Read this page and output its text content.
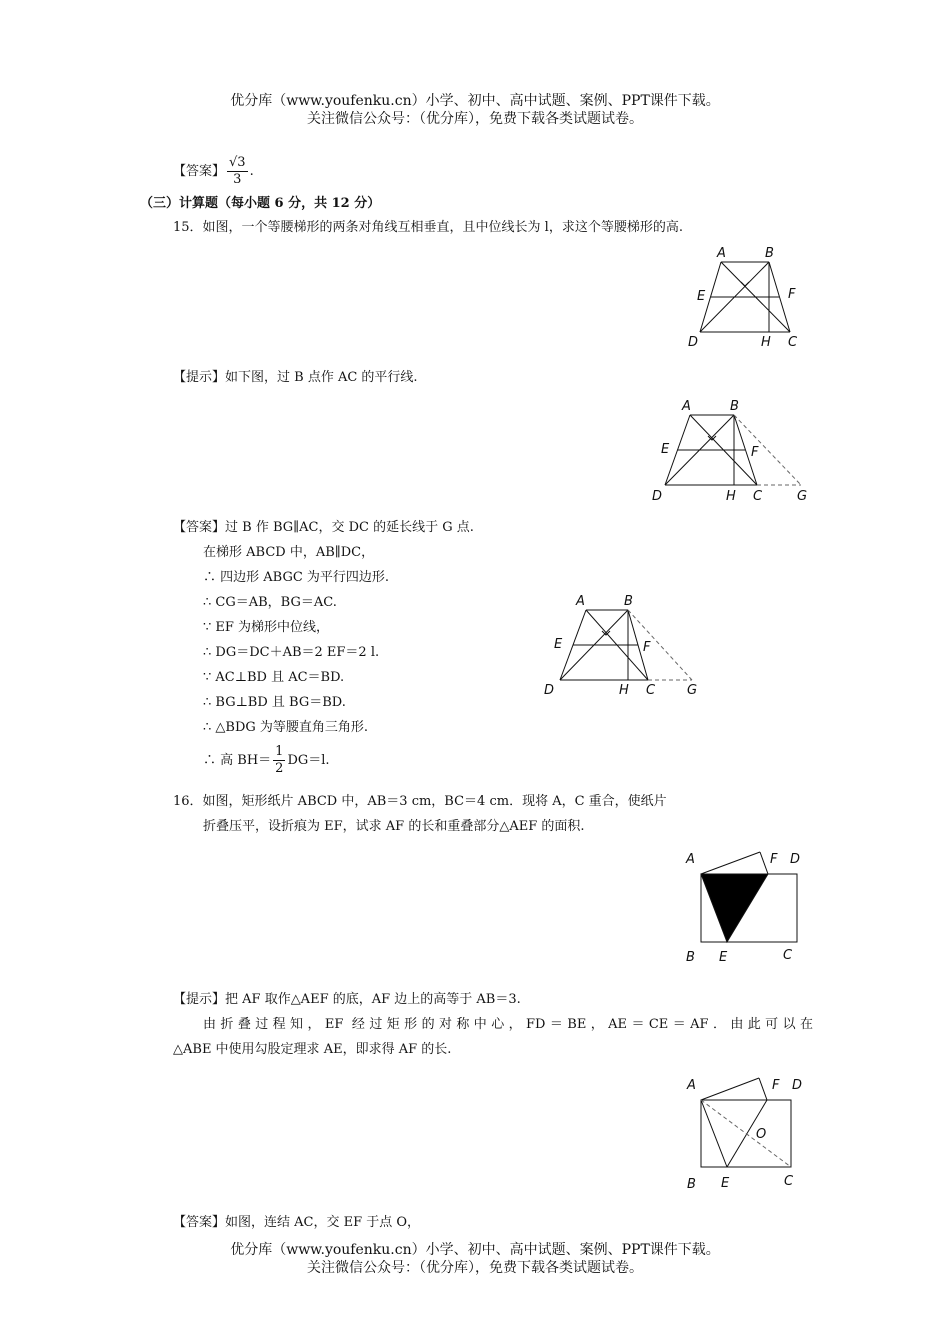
优分库（www.youfenku.cn）小学、初中、高中试题、案例、PPT课件下载。
关注微信公众号：（优分库），免费下载各类试题试卷。
【答案】 $\frac{√3}{3}$ .
（三）计算题（每小题 6 分，共 12 分）
15．如图，一个等腰梯形的两条对角线互相垂直，且中位线长为 l，求这个等腰梯形的高.
A	B
E	F
D	H C
【提示】如下图，过 B 点作 AC 的平行线.
A	B
E	F
D	H C	G
【答案】过 B 作 BG∥AC，交 DC 的延长线于 G 点.
在梯形 ABCD 中，AB∥DC，
∴ 四边形 ABGC 为平行四边形.
∴ CG＝AB，BG＝AC.
∵ EF 为梯形中位线，
∴ DG＝DC＋AB＝2 EF＝2 l.
∵ AC⊥BD 且 AC＝BD.
∴ BG⊥BD 且 BG＝BD.
∴ △BDG 为等腰直角三角形.
∴ 高 $BH= \frac{1}{2} DG=l$.
A	B
E	F
D	H C G
16．如图，矩形纸片 ABCD 中，AB＝3 cm，BC＝4 cm．现将 A，C 重合，使纸片
折叠压平，设折痕为 EF，试求 AF 的长和重叠部分△AEF 的面积.
A	F D
B E	C
【提示】把 AF 取作△AEF 的底，AF 边上的高等于 AB＝3.
由折叠过程知，EF 经过矩形的对称中心，FD＝BE，AE＝CE＝AF．由此可以在
△ABE 中使用勾股定理求 AE，即求得 AF 的长.
A	F D
O
B E	C
【答案】如图，连结 AC，交 EF 于点 O，
优分库（www.youfenku.cn）小学、初中、高中试题、案例、PPT课件下载。
关注微信公众号：（优分库），免费下载各类试题试卷。
